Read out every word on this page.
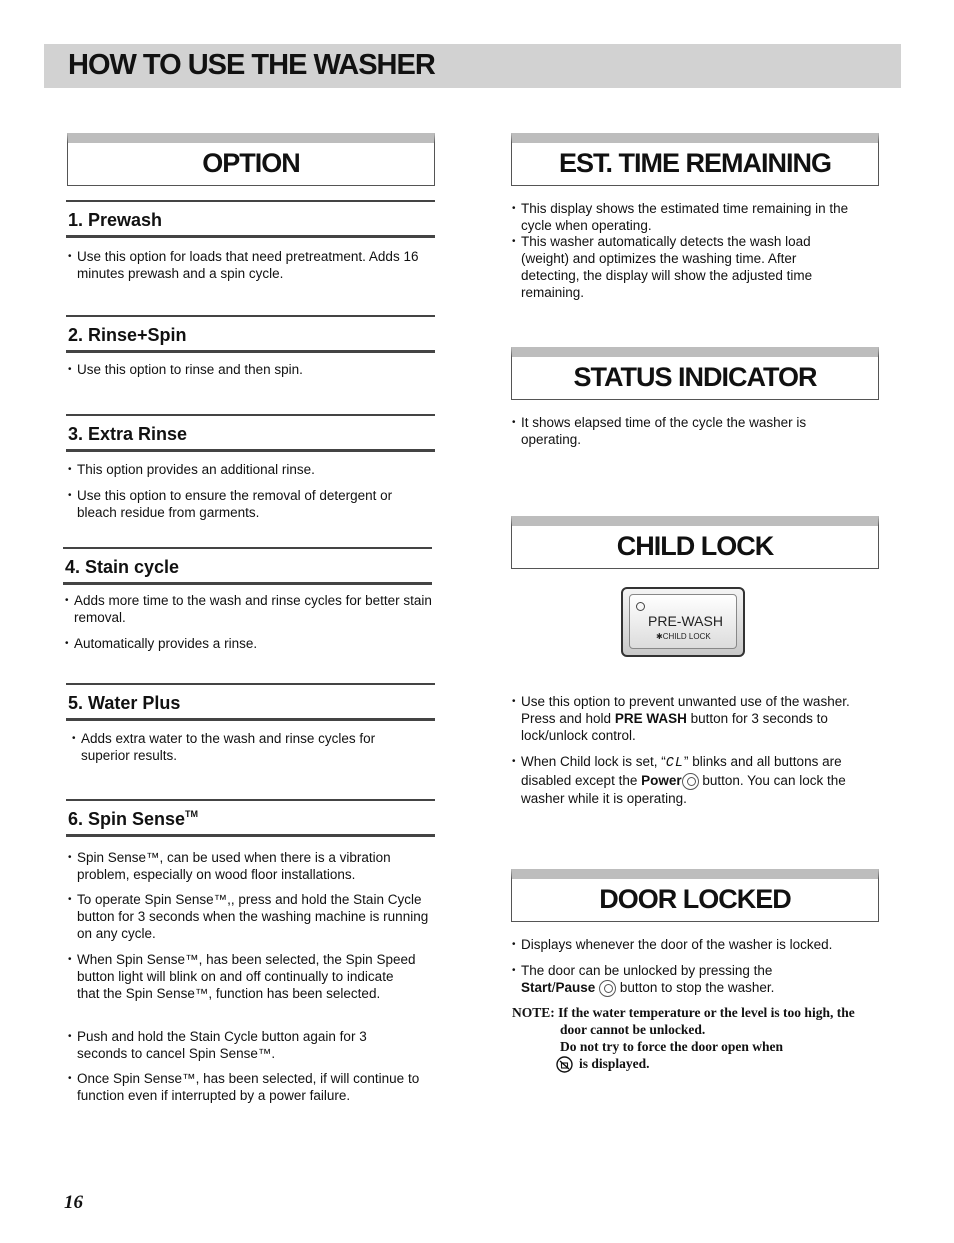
HOW TO USE THE WASHER
OPTION
1. Prewash
• Use this option for loads that need pretreatment. Adds 16 minutes prewash and a spin cycle.
2. Rinse+Spin
• Use this option to rinse and then spin.
3. Extra Rinse
• This option provides an additional rinse.
• Use this option to ensure the removal of detergent or bleach residue from garments.
4. Stain cycle
• Adds more time to the wash and rinse cycles for better stain removal.
• Automatically provides a rinse.
5. Water Plus
• Adds extra water to the wash and rinse cycles for superior results.
6. Spin Sense™
• Spin Sense™, can be used when there is a vibration problem, especially on wood floor installations.
• To operate Spin Sense™,, press and hold the Stain Cycle button for 3 seconds when the washing machine is running on any cycle.
• When Spin Sense™, has been selected, the Spin Speed button light will blink on and off continually to indicate that the Spin Sense™, function has been selected.
• Push and hold the Stain Cycle button again for 3 seconds to cancel Spin Sense™.
• Once Spin Sense™, has been selected, if will continue to function even if interrupted by a power failure.
EST. TIME REMAINING
• This display shows the estimated time remaining in the cycle when operating.
• This washer automatically detects the wash load (weight) and optimizes the washing time. After detecting, the display will show the adjusted time remaining.
STATUS INDICATOR
• It shows elapsed time of the cycle the washer is operating.
CHILD LOCK
PRE-WASH
✱CHILD LOCK
• Use this option to prevent unwanted use of the washer. Press and hold PRE WASH button for 3 seconds to lock/unlock control.
• When Child lock is set, “CL” blinks and all buttons are disabled except the Power button. You can lock the washer while it is operating.
DOOR LOCKED
• Displays whenever the door of the washer is locked.
• The door can be unlocked by pressing the Start/Pause  button to stop the washer.
NOTE: If the water temperature or the level is too high, the
door cannot be unlocked.
Do not try to force the door open when
is displayed.
16
